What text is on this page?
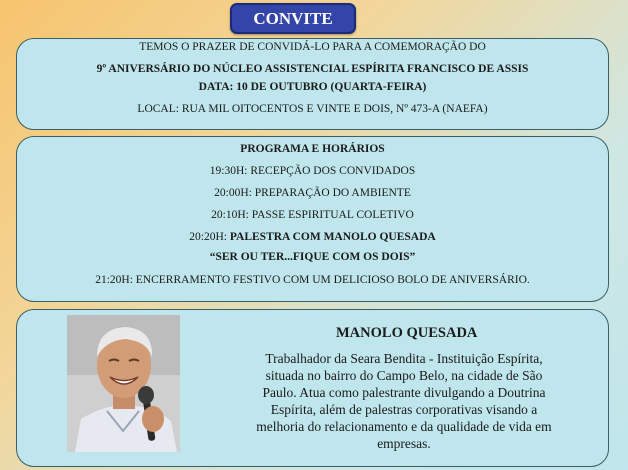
CONVITE
TEMOS O PRAZER DE CONVIDÁ-LO PARA A COMEMORAÇÃO DO
9º ANIVERSÁRIO DO NÚCLEO ASSISTENCIAL ESPÍRITA FRANCISCO DE ASSIS
DATA: 10 DE OUTUBRO (QUARTA-FEIRA)
LOCAL: RUA MIL OITOCENTOS E VINTE E DOIS, Nº 473-A (NAEFA)
PROGRAMA E HORÁRIOS
19:30H: RECEPÇÃO DOS CONVIDADOS
20:00H: PREPARAÇÃO DO AMBIENTE
20:10H: PASSE ESPIRITUAL COLETIVO
20:20H: PALESTRA COM MANOLO QUESADA
“SER OU TER...FIQUE COM OS DOIS”
21:20H: ENCERRAMENTO FESTIVO COM UM DELICIOSO BOLO DE ANIVERSÁRIO.
MANOLO QUESADA
Trabalhador da Seara Bendita - Instituição Espírita,
situada no bairro do Campo Belo, na cidade de São
Paulo. Atua como palestrante divulgando a Doutrina
Espírita, além de palestras corporativas visando a
melhoria do relacionamento e da qualidade de vida em
empresas.
